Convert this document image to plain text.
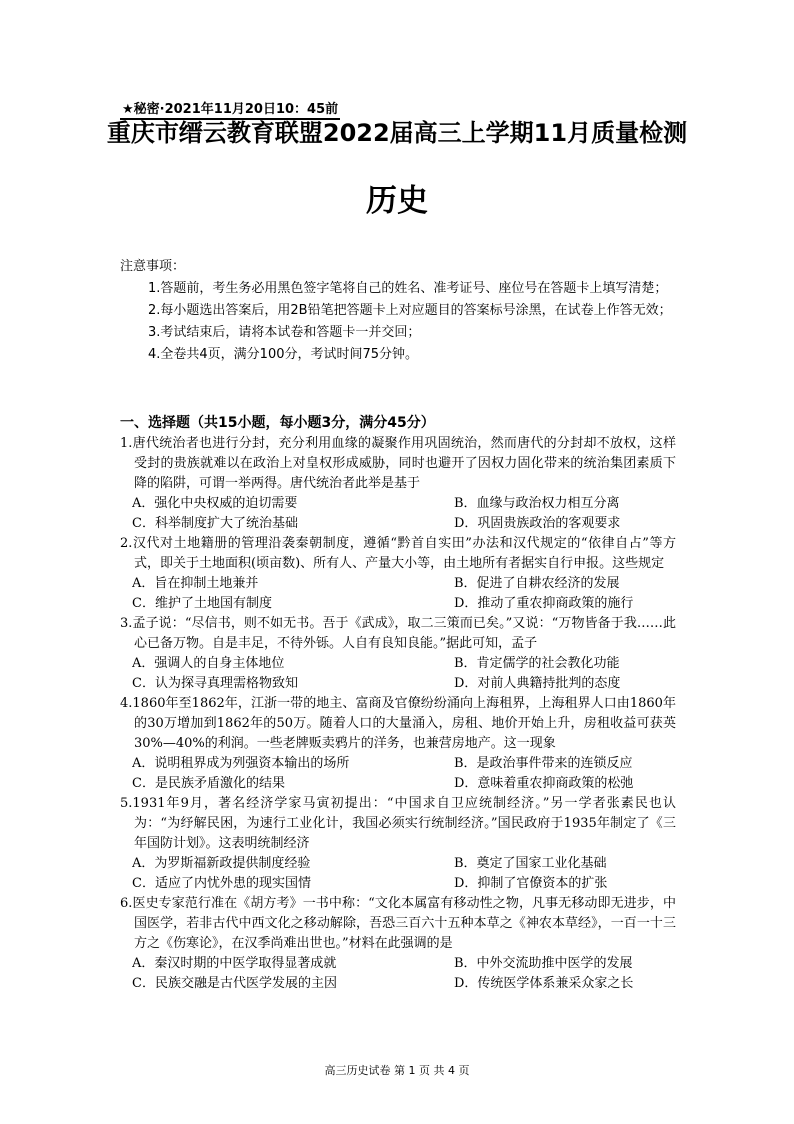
★秘密·2021年11月20日10：45前
重庆市缙云教育联盟2022届高三上学期11月质量检测
历史
注意事项：
1.答题前，考生务必用黑色签字笔将自己的姓名、准考证号、座位号在答题卡上填写清楚；
2.每小题选出答案后，用2B铅笔把答题卡上对应题目的答案标号涂黑，在试卷上作答无效；
3.考试结束后，请将本试卷和答题卡一并交回；
4.全卷共4页，满分100分，考试时间75分钟。
一、选择题（共15小题，每小题3分，满分45分）
1.唐代统治者也进行分封，充分利用血缘的凝聚作用巩固统治，然而唐代的分封却不放权，这样受封的贵族就难以在政治上对皇权形成威胁，同时也避开了因权力固化带来的统治集团素质下降的陷阱，可谓一举两得。唐代统治者此举是基于
A．强化中央权威的迫切需要	B．血缘与政治权力相互分离
C．科举制度扩大了统治基础	D．巩固贵族政治的客观要求
2.汉代对土地籍册的管理沿袭秦朝制度，遵循“黔首自实田”办法和汉代规定的“依律自占”等方式，即关于土地面积(顷亩数)、所有人、产量大小等，由土地所有者据实自行申报。这些规定
A．旨在抑制土地兼并	B．促进了自耕农经济的发展
C．维护了土地国有制度	D．推动了重农抑商政策的施行
3.孟子说：“尽信书，则不如无书。吾于《武成》，取二三策而已矣。”又说：“万物皆备于我……此心已备万物。自是丰足，不待外铄。人自有良知良能。”据此可知，孟子
A．强调人的自身主体地位	B．肯定儒学的社会教化功能
C．认为探寻真理需格物致知	D．对前人典籍持批判的态度
4.1860年至1862年，江浙一带的地主、富商及官僚纷纷涌向上海租界，上海租界人口由1860年的30万增加到1862年的50万。随着人口的大量涌入，房租、地价开始上升，房租收益可获英30%—40%的利润。一些老牌贩卖鸦片的洋务，也兼营房地产。这一现象
A．说明租界成为列强资本输出的场所	B．是政治事件带来的连锁反应
C．是民族矛盾激化的结果	D．意味着重农抑商政策的松弛
5.1931年9月，著名经济学家马寅初提出：“中国求自卫应统制经济。”另一学者张素民也认为：“为纾解民困，为速行工业化计，我国必须实行统制经济。”国民政府于1935年制定了《三年国防计划》。这表明统制经济
A．为罗斯福新政提供制度经验	B．奠定了国家工业化基础
C．适应了内忧外患的现实国情	D．抑制了官僚资本的扩张
6.医史专家范行准在《胡方考》一书中称：“文化本属富有移动性之物，凡事无移动即无进步，中国医学，若非古代中西文化之移动解除，吾恐三百六十五种本草之《神农本草经》，一百一十三方之《伤寒论》，在汉季尚难出世也。”材料在此强调的是
A．秦汉时期的中医学取得显著成就	B．中外交流助推中医学的发展
C．民族交融是古代医学发展的主因	D．传统医学体系兼采众家之长
高三历史试卷 第 1 页 共 4 页
